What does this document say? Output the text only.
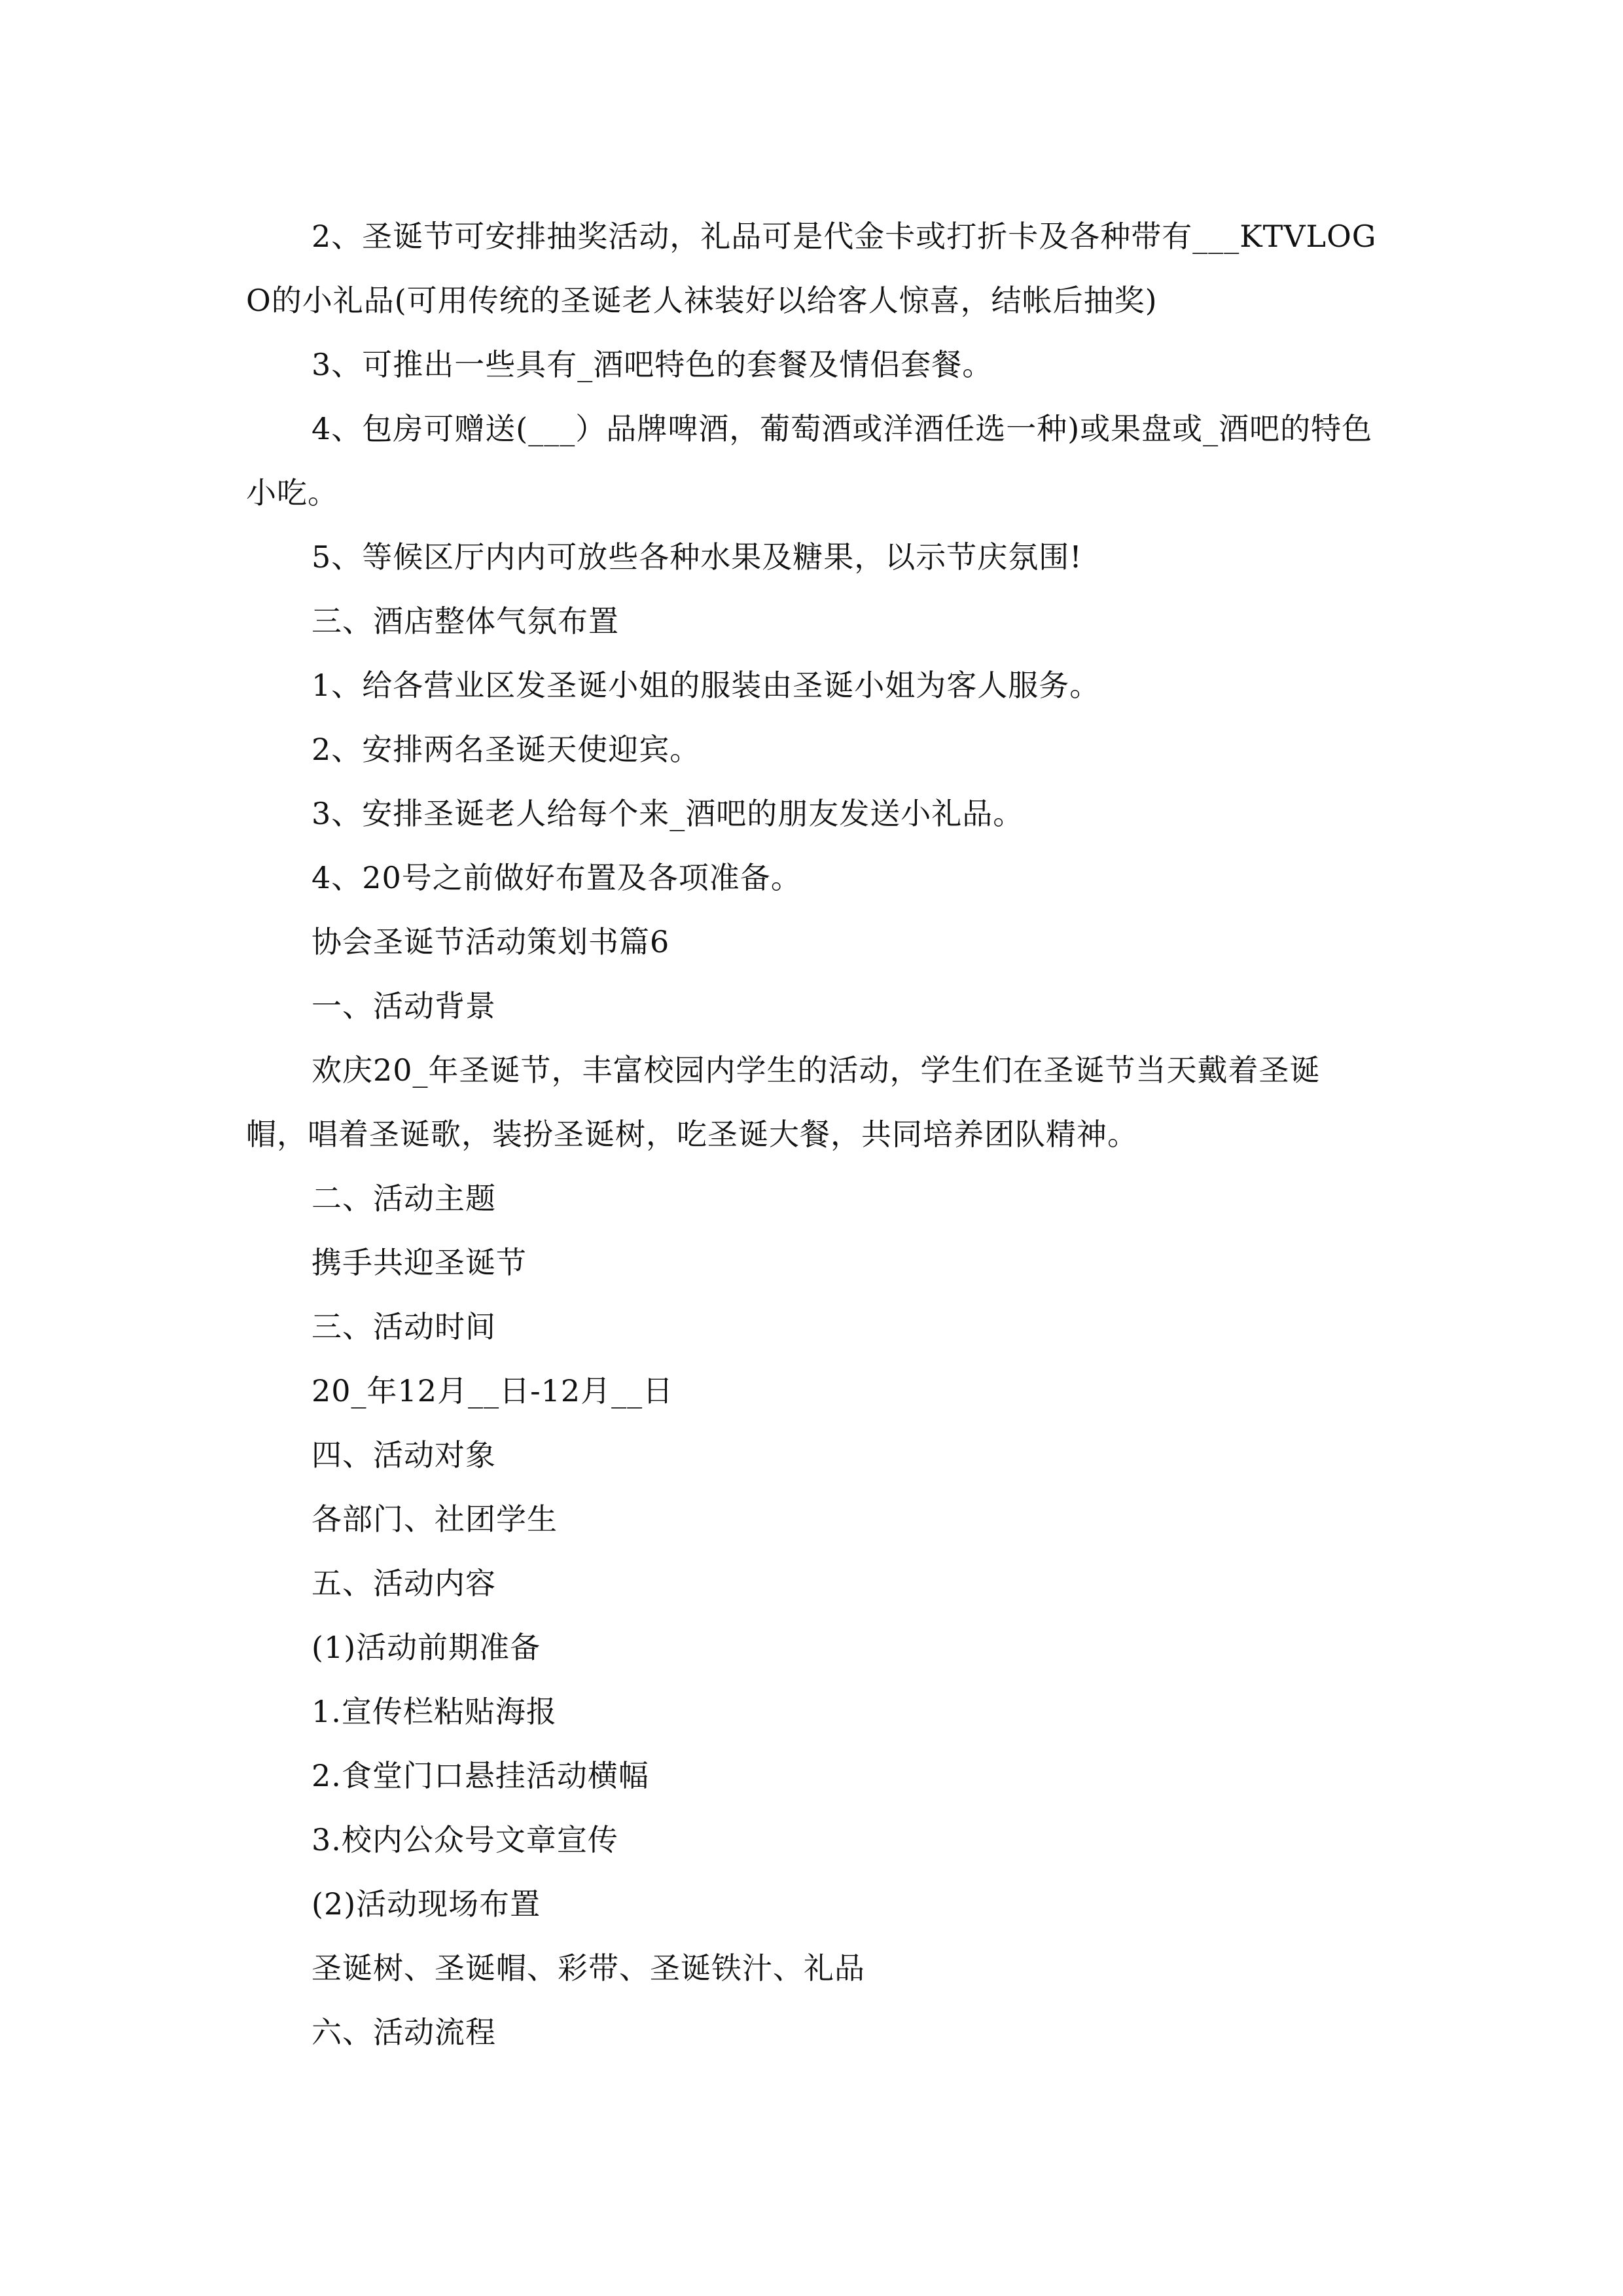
2、圣诞节可安排抽奖活动，礼品可是代金卡或打折卡及各种带有___KTVLOGO的小礼品(可用传统的圣诞老人袜装好以给客人惊喜，结帐后抽奖)

3、可推出一些具有_酒吧特色的套餐及情侣套餐。

4、包房可赠送(___）品牌啤酒，葡萄酒或洋酒任选一种)或果盘或_酒吧的特色小吃。

5、等候区厅内内可放些各种水果及糖果，以示节庆氛围!

三、酒店整体气氛布置

1、给各营业区发圣诞小姐的服装由圣诞小姐为客人服务。

2、安排两名圣诞天使迎宾。

3、安排圣诞老人给每个来_酒吧的朋友发送小礼品。

4、20号之前做好布置及各项准备。

协会圣诞节活动策划书篇6

一、活动背景

欢庆20_年圣诞节，丰富校园内学生的活动，学生们在圣诞节当天戴着圣诞帽，唱着圣诞歌，装扮圣诞树，吃圣诞大餐，共同培养团队精神。

二、活动主题

携手共迎圣诞节

三、活动时间

20_年12月__日-12月__日

四、活动对象

各部门、社团学生

五、活动内容

(1)活动前期准备

1.宣传栏粘贴海报

2.食堂门口悬挂活动横幅

3.校内公众号文章宣传

(2)活动现场布置

圣诞树、圣诞帽、彩带、圣诞铁汁、礼品

六、活动流程
